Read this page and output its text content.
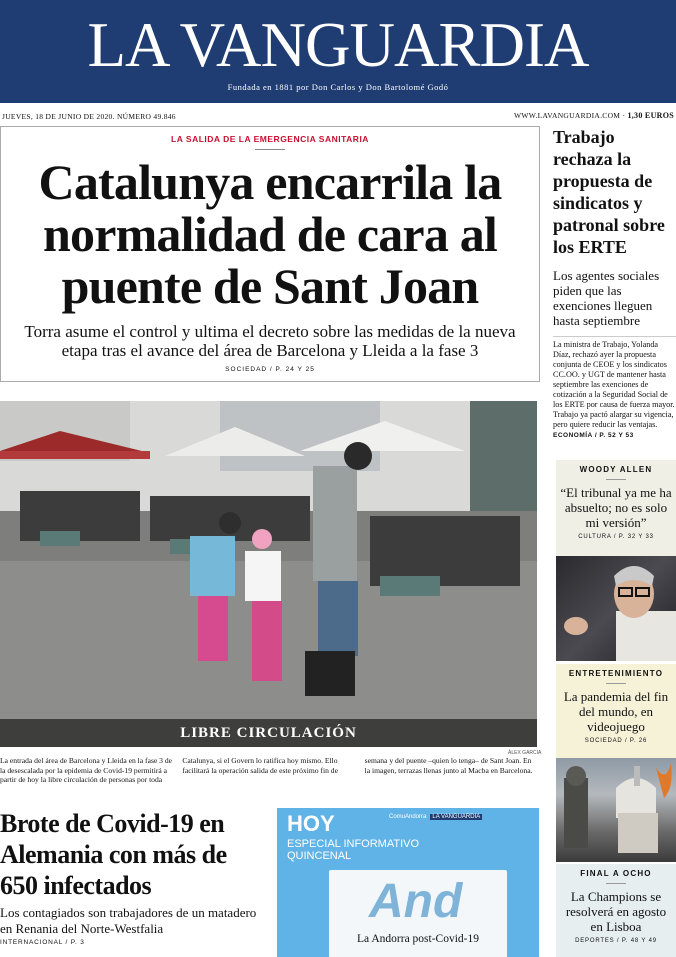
LA VANGUARDIA
Fundada en 1881 por Don Carlos y Don Bartolomé Godó
JUEVES, 18 DE JUNIO DE 2020. NÚMERO 49.846	WWW.LAVANGUARDIA.COM · 1,30 EUROS
LA SALIDA DE LA EMERGENCIA SANITARIA
Catalunya encarrila la normalidad de cara al puente de Sant Joan
Torra asume el control y ultima el decreto sobre las medidas de la nueva etapa tras el avance del área de Barcelona y Lleida a la fase 3
SOCIEDAD / P. 24 Y 25
Trabajo rechaza la propuesta de sindicatos y patronal sobre los ERTE
Los agentes sociales piden que las exenciones lleguen hasta septiembre
La ministra de Trabajo, Yolanda Díaz, rechazó ayer la propuesta conjunta de CEOE y los sindicatos CC.OO. y UGT de mantener hasta septiembre las exenciones de cotización a la Seguridad Social de los ERTE por causa de fuerza mayor. Trabajo ya pactó alargar su vigencia, pero quiere reducir las ventajas. ECONOMÍA / P. 52 Y 53
LIBRE CIRCULACIÓN
ÀLEX GARCIA
La entrada del área de Barcelona y Lleida en la fase 3 de la desescalada por la epidemia de Covid-19 permitirá a partir de hoy la libre circulación de personas por toda Catalunya, si el Govern lo ratifica hoy mismo. Ello facilitará la operación salida de este próximo fin de semana y del puente –quien lo tenga– de Sant Joan. En la imagen, terrazas llenas junto al Macba en Barcelona.
Brote de Covid-19 en Alemania con más de 650 infectados
Los contagiados son trabajadores de un matadero en Renania del Norte-Westfalia
INTERNACIONAL / P. 3
HOY	ComuAndorra LA VANGUARDIA
ESPECIAL INFORMATIVO
QUINCENAL
And
La Andorra post-Covid-19
WOODY ALLEN
“El tribunal ya me ha absuelto; no es solo mi versión”
CULTURA / P. 32 Y 33
ENTRETENIMIENTO
La pandemia del fin del mundo, en videojuego
SOCIEDAD / P. 26
FINAL A OCHO
La Champions se resolverá en agosto en Lisboa
DEPORTES / P. 48 Y 49
